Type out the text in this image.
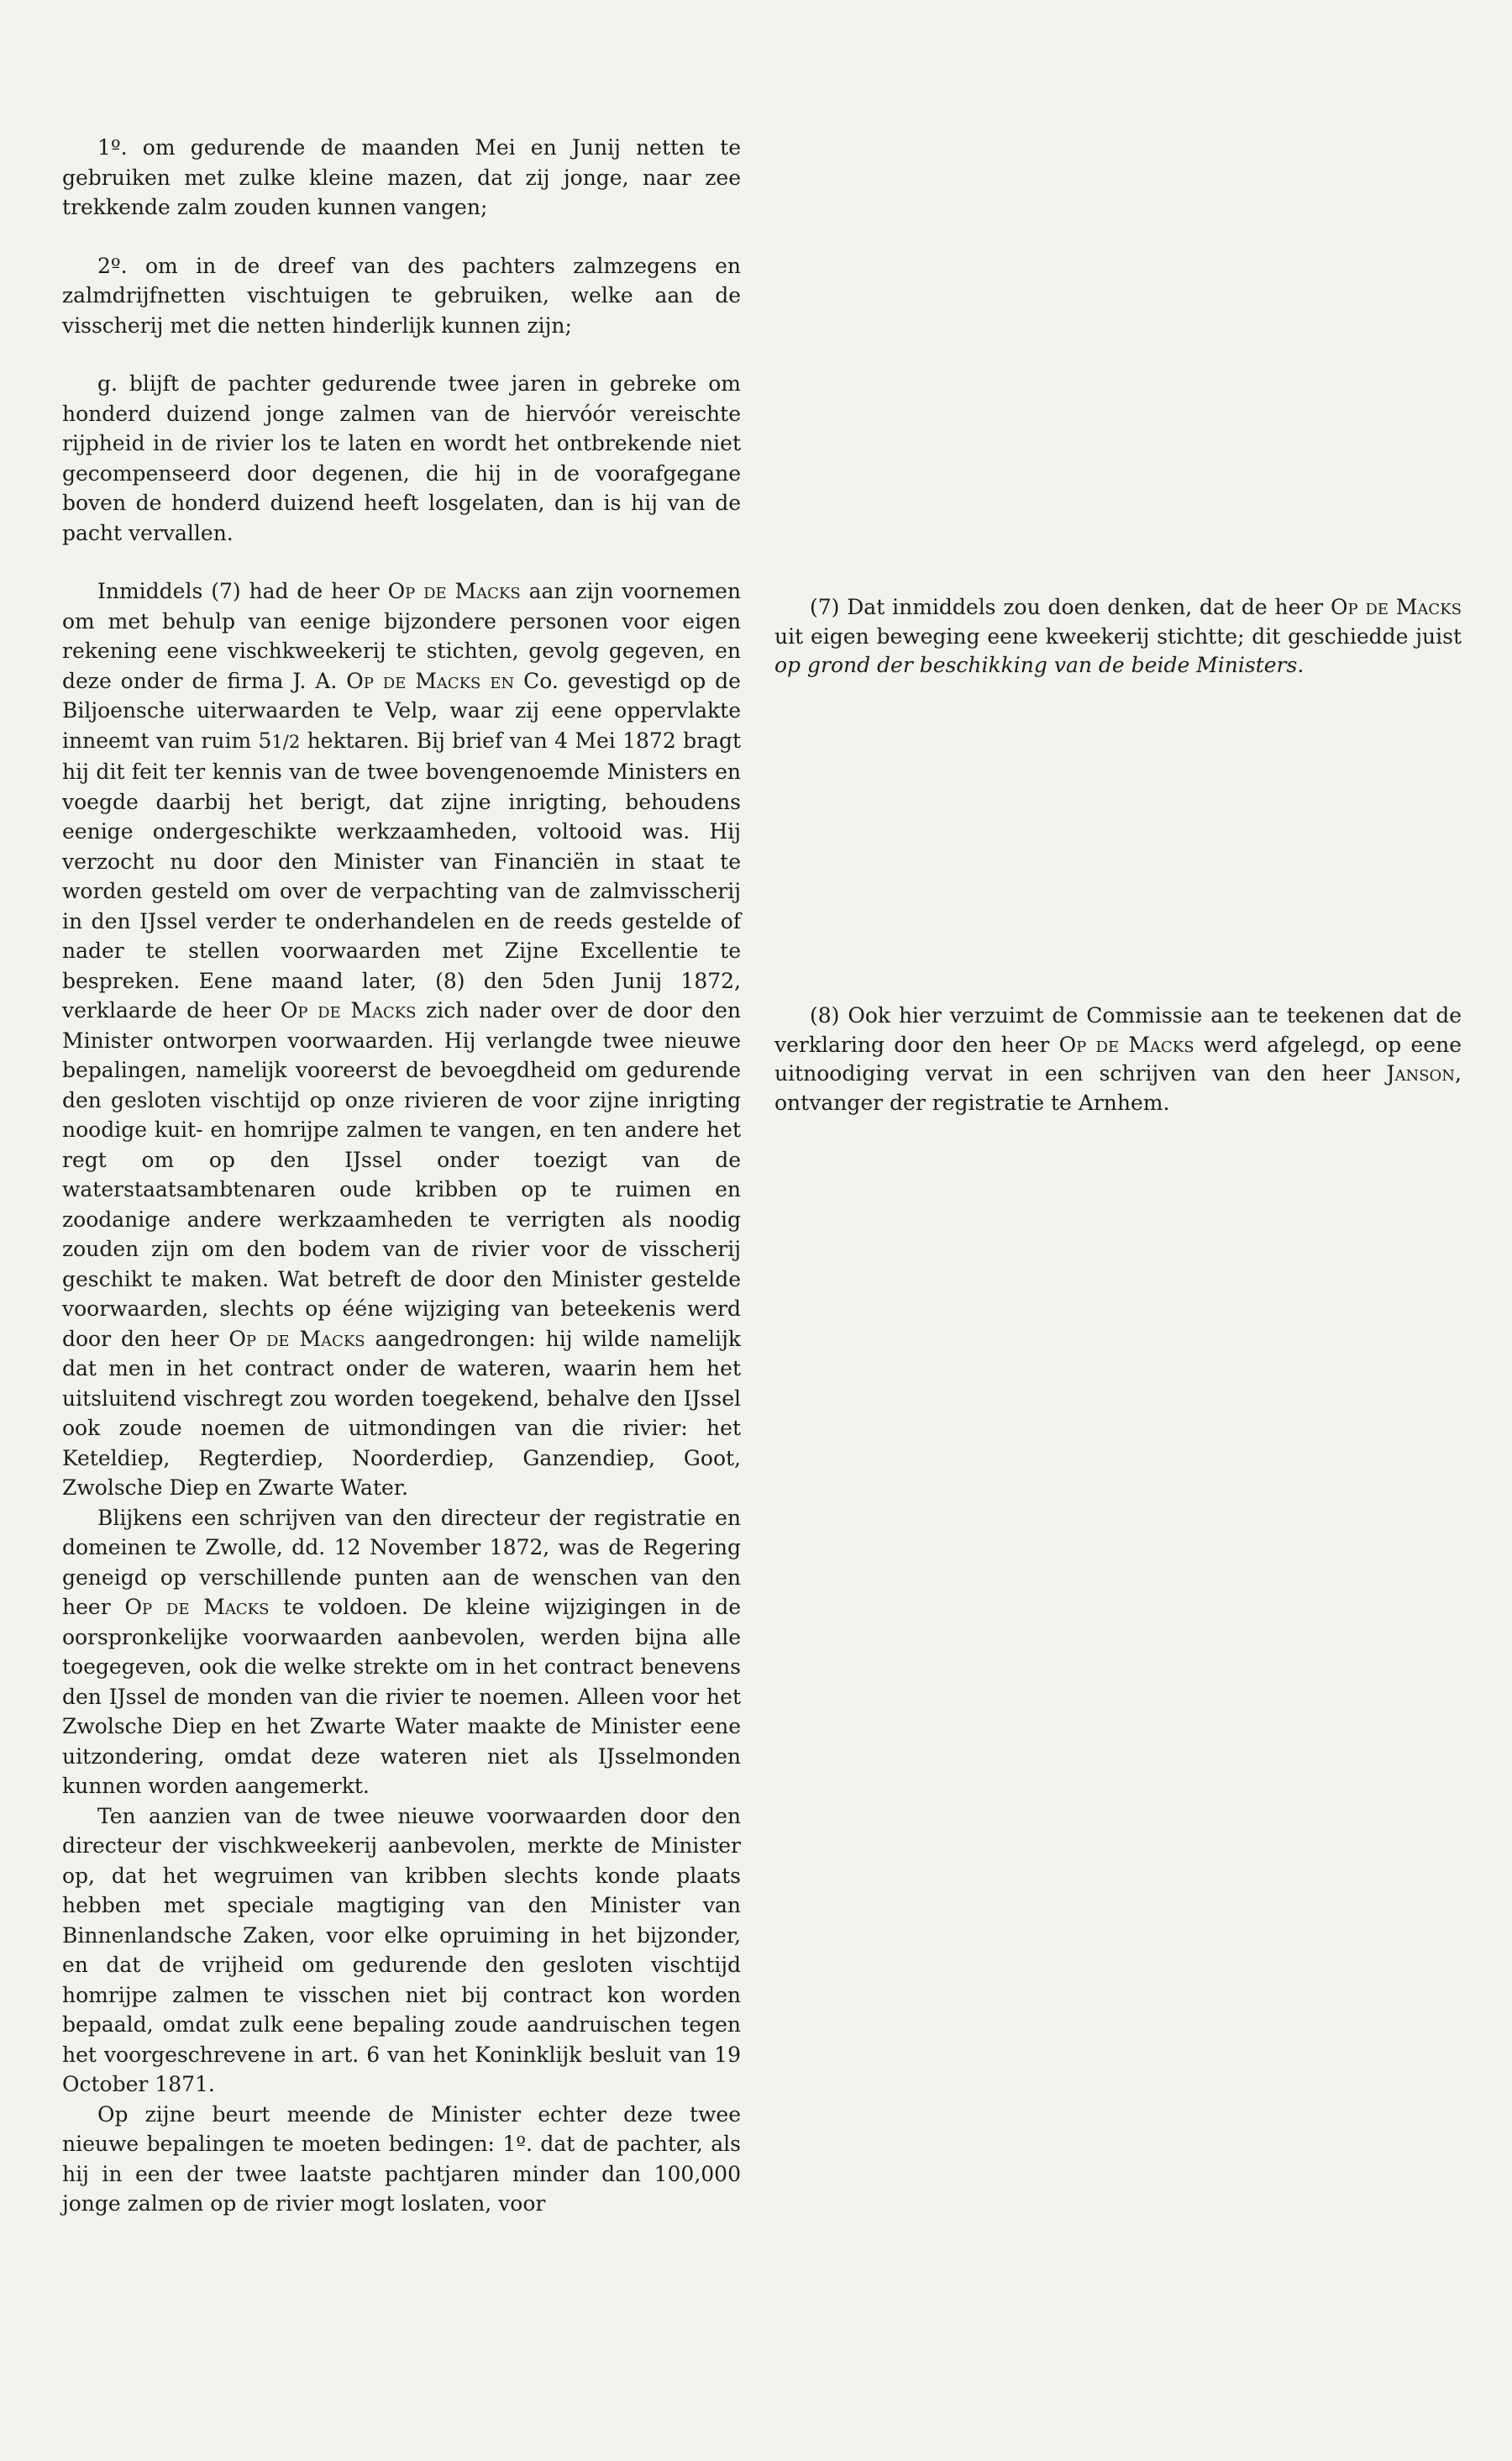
1º. om gedurende de maanden Mei en Junij netten te gebruiken met zulke kleine mazen, dat zij jonge, naar zee trekkende zalm zouden kunnen vangen;

2º. om in de dreef van des pachters zalmzegens en zalmdrijfnetten vischtuigen te gebruiken, welke aan de visscherij met die netten hinderlijk kunnen zijn;

g. blijft de pachter gedurende twee jaren in gebreke om honderd duizend jonge zalmen van de hiervóór vereischte rijpheid in de rivier los te laten en wordt het ontbrekende niet gecompenseerd door degenen, die hij in de voorafgegane boven de honderd duizend heeft losgelaten, dan is hij van de pacht vervallen.

Inmiddels (7) had de heer Op de Macks aan zijn voornemen om met behulp van eenige bijzondere personen voor eigen rekening eene vischkweekerij te stichten, gevolg gegeven, en deze onder de firma J. A. Op de Macks en Co. gevestigd op de Biljoensche uiterwaarden te Velp, waar zij eene oppervlakte inneemt van ruim 51/2 hektaren. Bij brief van 4 Mei 1872 bragt hij dit feit ter kennis van de twee bovengenoemde Ministers en voegde daarbij het berigt, dat zijne inrigting, behoudens eenige ondergeschikte werkzaamheden, voltooid was. Hij verzocht nu door den Minister van Financiën in staat te worden gesteld om over de verpachting van de zalmvisscherij in den IJssel verder te onderhandelen en de reeds gestelde of nader te stellen voorwaarden met Zijne Excellentie te bespreken. Eene maand later, (8) den 5den Junij 1872, verklaarde de heer Op de Macks zich nader over de door den Minister ontworpen voorwaarden. Hij verlangde twee nieuwe bepalingen, namelijk vooreerst de bevoegdheid om gedurende den gesloten vischtijd op onze rivieren de voor zijne inrigting noodige kuit- en homrijpe zalmen te vangen, en ten andere het regt om op den IJssel onder toezigt van de waterstaatsambtenaren oude kribben op te ruimen en zoodanige andere werkzaamheden te verrigten als noodig zouden zijn om den bodem van de rivier voor de visscherij geschikt te maken. Wat betreft de door den Minister gestelde voorwaarden, slechts op ééne wijziging van beteekenis werd door den heer Op de Macks aangedrongen: hij wilde namelijk dat men in het contract onder de wateren, waarin hem het uitsluitend vischregt zou worden toegekend, behalve den IJssel ook zoude noemen de uitmondingen van die rivier: het Keteldiep, Regterdiep, Noorderdiep, Ganzendiep, Goot, Zwolsche Diep en Zwarte Water.

Blijkens een schrijven van den directeur der registratie en domeinen te Zwolle, dd. 12 November 1872, was de Regering geneigd op verschillende punten aan de wenschen van den heer Op de Macks te voldoen. De kleine wijzigingen in de oorspronkelijke voorwaarden aanbevolen, werden bijna alle toegegeven, ook die welke strekte om in het contract benevens den IJssel de monden van die rivier te noemen. Alleen voor het Zwolsche Diep en het Zwarte Water maakte de Minister eene uitzondering, omdat deze wateren niet als IJsselmonden kunnen worden aangemerkt.

Ten aanzien van de twee nieuwe voorwaarden door den directeur der vischkweekerij aanbevolen, merkte de Minister op, dat het wegruimen van kribben slechts konde plaats hebben met speciale magtiging van den Minister van Binnenlandsche Zaken, voor elke opruiming in het bijzonder, en dat de vrijheid om gedurende den gesloten vischtijd homrijpe zalmen te visschen niet bij contract kon worden bepaald, omdat zulk eene bepaling zoude aandruischen tegen het voorgeschrevene in art. 6 van het Koninklijk besluit van 19 October 1871.

Op zijne beurt meende de Minister echter deze twee nieuwe bepalingen te moeten bedingen: 1º. dat de pachter, als hij in een der twee laatste pachtjaren minder dan 100,000 jonge zalmen op de rivier mogt loslaten, voor

(7) Dat inmiddels zou doen denken, dat de heer Op de Macks uit eigen beweging eene kweekerij stichtte; dit geschiedde juist op grond der beschikking van de beide Ministers.

(8) Ook hier verzuimt de Commissie aan te teekenen dat de verklaring door den heer Op de Macks werd afgelegd, op eene uitnoodiging vervat in een schrijven van den heer Janson, ontvanger der registratie te Arnhem.
